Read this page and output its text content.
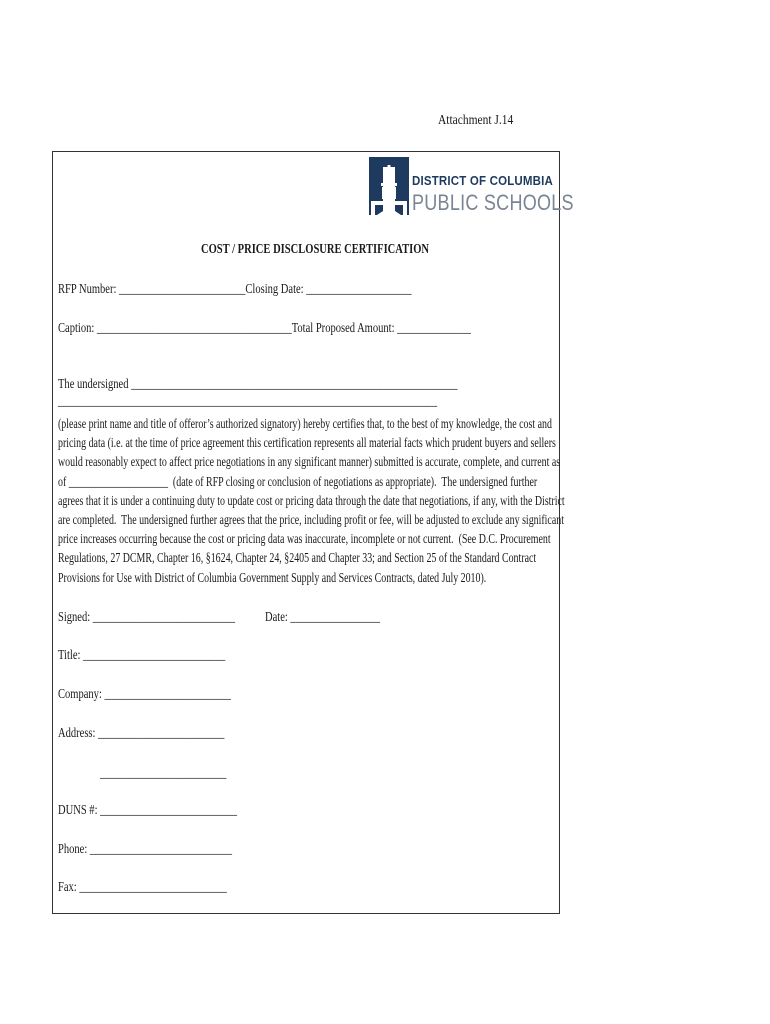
Attachment J.14
DISTRICT OF COLUMBIA
PUBLIC SCHOOLS
COST / PRICE DISCLOSURE CERTIFICATION
RFP Number: ________________________Closing Date: ____________________
Caption: _____________________________________Total Proposed Amount: ______________
The undersigned ______________________________________________________________
________________________________________________________________________
(please print name and title of offeror’s authorized signatory) hereby certifies that, to the best of my knowledge, the cost and
pricing data (i.e. at the time of price agreement this certification represents all material facts which prudent buyers and sellers
would reasonably expect to affect price negotiations in any significant manner) submitted is accurate, complete, and current as
of ____________________  (date of RFP closing or conclusion of negotiations as appropriate).  The undersigned further
agrees that it is under a continuing duty to update cost or pricing data through the date that negotiations, if any, with the District
are completed.  The undersigned further agrees that the price, including profit or fee, will be adjusted to exclude any significant
price increases occurring because the cost or pricing data was inaccurate, incomplete or not current.  (See D.C. Procurement
Regulations, 27 DCMR, Chapter 16, §1624, Chapter 24, §2405 and Chapter 33; and Section 25 of the Standard Contract
Provisions for Use with District of Columbia Government Supply and Services Contracts, dated July 2010).
Signed: ___________________________ Date: _________________
Title: ___________________________
Company: ________________________
Address: ________________________
________________________
DUNS #: __________________________
Phone: ___________________________
Fax: ____________________________
